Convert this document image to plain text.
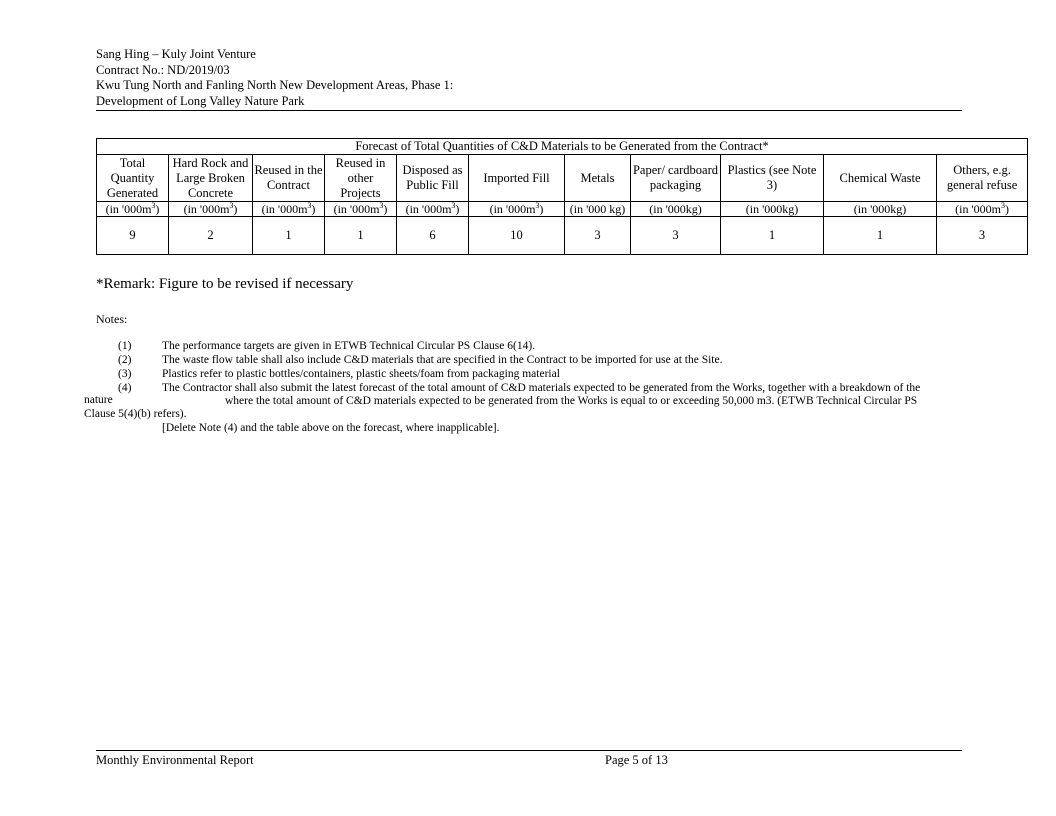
Sang Hing – Kuly Joint Venture
Contract No.: ND/2019/03
Kwu Tung North and Fanling North New Development Areas, Phase 1:
Development of Long Valley Nature Park
Forecast of Total Quantities of C&D Materials to be Generated from the Contract*										
Total Quantity Generated	Hard Rock and Large Broken Concrete	Reused in the Contract	Reused in other Projects	Disposed as Public Fill	Imported Fill	Metals	Paper/ cardboard packaging	Plastics (see Note 3)	Chemical Waste	Others, e.g. general refuse
(in '$000m^3$)	(in '$000m^3$)	(in '$000m^3$)	(in '$000m^3$)	(in '$000m^3$)	(in '$000m^3$)	(in '000 kg)	(in '000kg)	(in '000kg)	(in '000kg)	(in '$000m^3$)
9	2	1	1	6	10	3	3	1	1	3
*Remark: Figure to be revised if necessary
Notes:
(1)	The performance targets are given in ETWB Technical Circular PS Clause 6(14).
(2)	The waste flow table shall also include C&D materials that are specified in the Contract to be imported for use at the Site.
(3)	Plastics refer to plastic bottles/containers, plastic sheets/foam from packaging material
(4)	The Contractor shall also submit the latest forecast of the total amount of C&D materials expected to be generated from the Works, together with a breakdown of the
nature	where the total amount of C&D materials expected to be generated from the Works is equal to or exceeding 50,000 m3. (ETWB Technical Circular PS
Clause 5(4)(b) refers).
[Delete Note (4) and the table above on the forecast, where inapplicable].
Monthly Environmental Report	Page 5 of 13
